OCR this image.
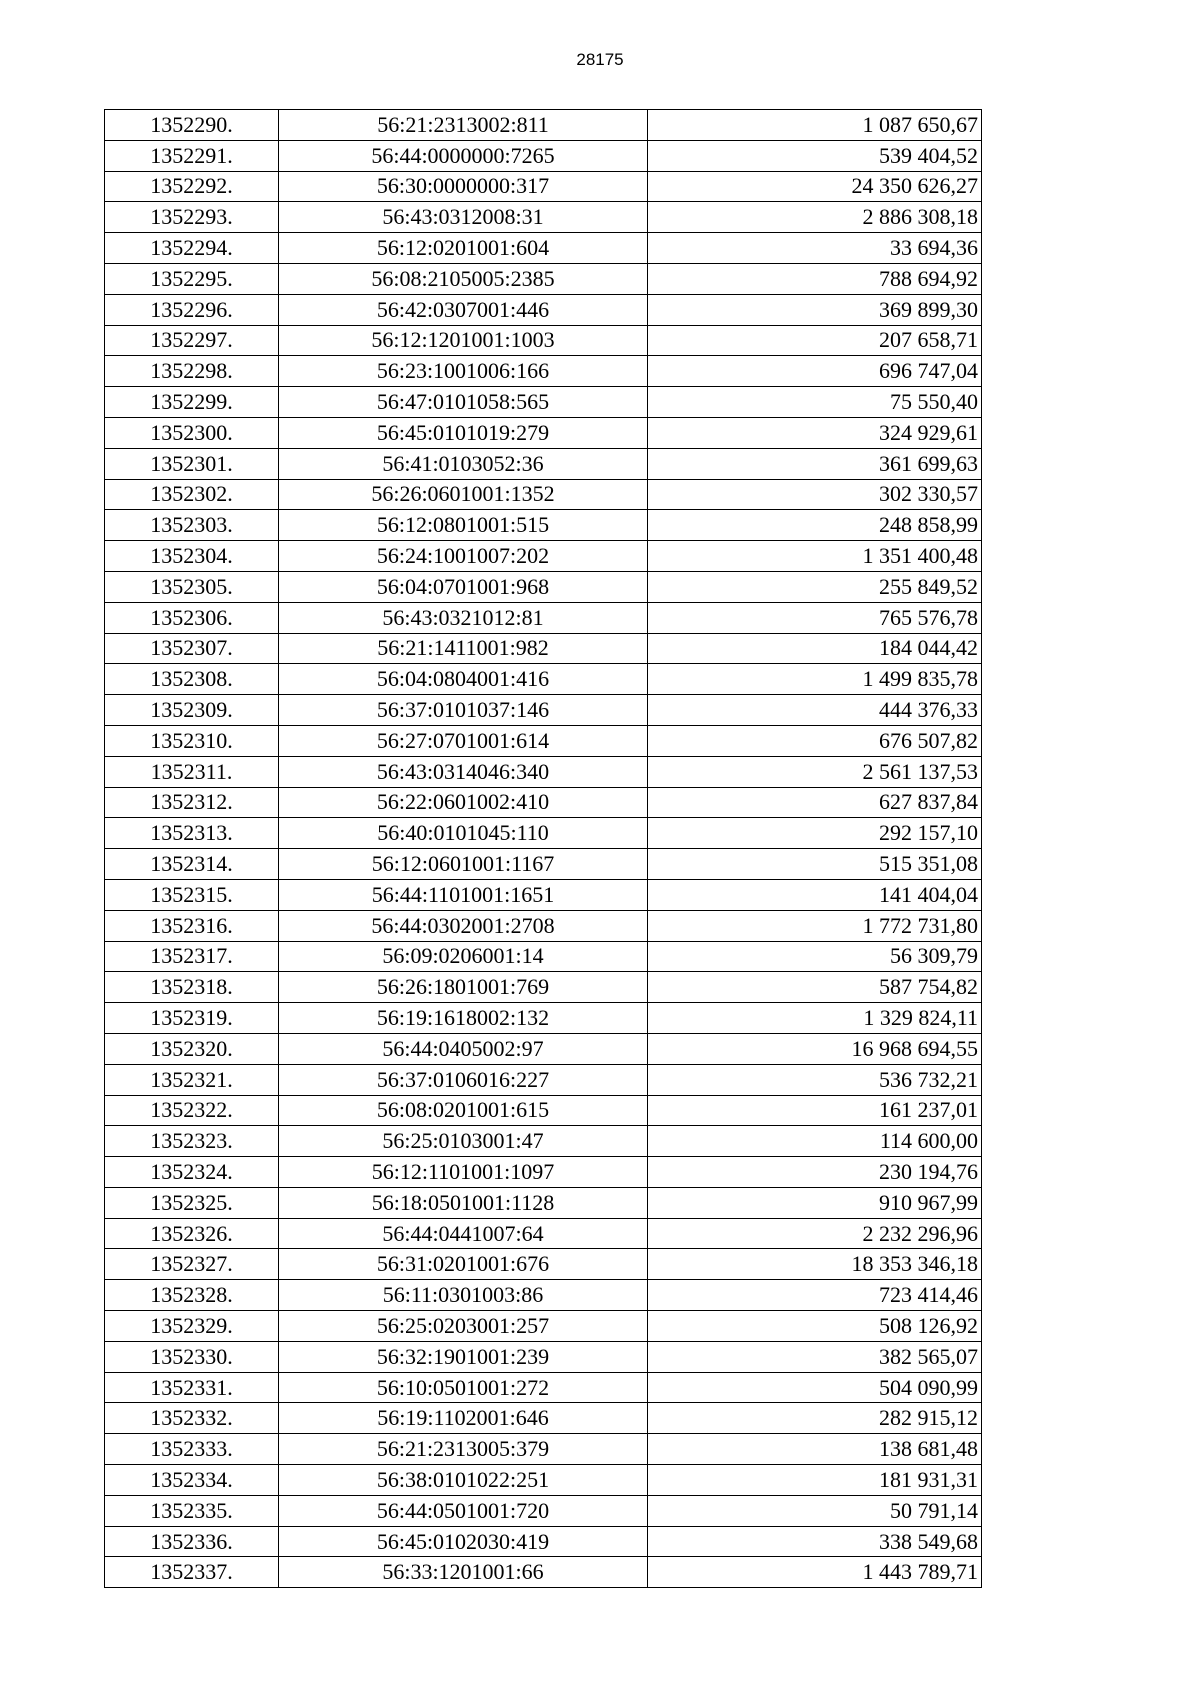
28175
1352290.	56:21:2313002:811	1 087 650,67
1352291.	56:44:0000000:7265	539 404,52
1352292.	56:30:0000000:317	24 350 626,27
1352293.	56:43:0312008:31	2 886 308,18
1352294.	56:12:0201001:604	33 694,36
1352295.	56:08:2105005:2385	788 694,92
1352296.	56:42:0307001:446	369 899,30
1352297.	56:12:1201001:1003	207 658,71
1352298.	56:23:1001006:166	696 747,04
1352299.	56:47:0101058:565	75 550,40
1352300.	56:45:0101019:279	324 929,61
1352301.	56:41:0103052:36	361 699,63
1352302.	56:26:0601001:1352	302 330,57
1352303.	56:12:0801001:515	248 858,99
1352304.	56:24:1001007:202	1 351 400,48
1352305.	56:04:0701001:968	255 849,52
1352306.	56:43:0321012:81	765 576,78
1352307.	56:21:1411001:982	184 044,42
1352308.	56:04:0804001:416	1 499 835,78
1352309.	56:37:0101037:146	444 376,33
1352310.	56:27:0701001:614	676 507,82
1352311.	56:43:0314046:340	2 561 137,53
1352312.	56:22:0601002:410	627 837,84
1352313.	56:40:0101045:110	292 157,10
1352314.	56:12:0601001:1167	515 351,08
1352315.	56:44:1101001:1651	141 404,04
1352316.	56:44:0302001:2708	1 772 731,80
1352317.	56:09:0206001:14	56 309,79
1352318.	56:26:1801001:769	587 754,82
1352319.	56:19:1618002:132	1 329 824,11
1352320.	56:44:0405002:97	16 968 694,55
1352321.	56:37:0106016:227	536 732,21
1352322.	56:08:0201001:615	161 237,01
1352323.	56:25:0103001:47	114 600,00
1352324.	56:12:1101001:1097	230 194,76
1352325.	56:18:0501001:1128	910 967,99
1352326.	56:44:0441007:64	2 232 296,96
1352327.	56:31:0201001:676	18 353 346,18
1352328.	56:11:0301003:86	723 414,46
1352329.	56:25:0203001:257	508 126,92
1352330.	56:32:1901001:239	382 565,07
1352331.	56:10:0501001:272	504 090,99
1352332.	56:19:1102001:646	282 915,12
1352333.	56:21:2313005:379	138 681,48
1352334.	56:38:0101022:251	181 931,31
1352335.	56:44:0501001:720	50 791,14
1352336.	56:45:0102030:419	338 549,68
1352337.	56:33:1201001:66	1 443 789,71
